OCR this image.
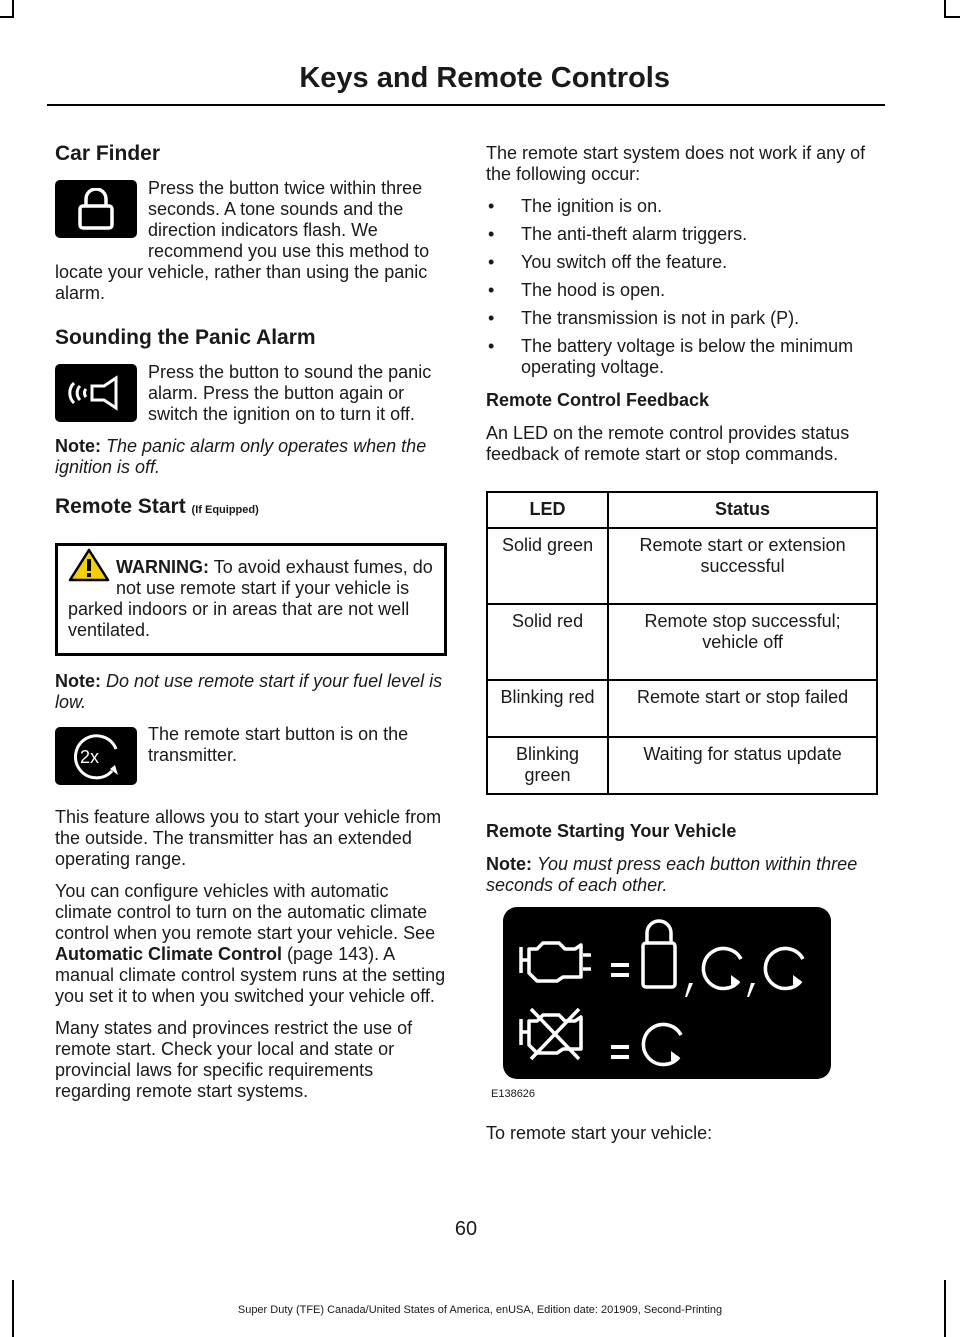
Keys and Remote Controls
Car Finder

Press the button twice within three seconds. A tone sounds and the direction indicators flash. We recommend you use this method to locate your vehicle, rather than using the panic alarm.

Sounding the Panic Alarm

Press the button to sound the panic alarm. Press the button again or switch the ignition on to turn it off.

Note: The panic alarm only operates when the ignition is off.

Remote Start (If Equipped)
WARNING: To avoid exhaust fumes, do not use remote start if your vehicle is parked indoors or in areas that are not well ventilated.

Note: Do not use remote start if your fuel level is low.

2x

The remote start button is on the transmitter.

This feature allows you to start your vehicle from the outside. The transmitter has an extended operating range.

You can configure vehicles with automatic climate control to turn on the automatic climate control when you remote start your vehicle. See Automatic Climate Control (page 143). A manual climate control system runs at the setting you set it to when you switched your vehicle off.

Many states and provinces restrict the use of remote start. Check your local and state or provincial laws for specific requirements regarding remote start systems.

The remote start system does not work if any of the following occur:

• The ignition is on.
• The anti-theft alarm triggers.
• You switch off the feature.
• The hood is open.
• The transmission is not in park (P).
• The battery voltage is below the minimum operating voltage.
Remote Control Feedback

An LED on the remote control provides status feedback of remote start or stop commands.

LED	Status
Solid green	Remote start or extension successful
Solid red	Remote stop successful; vehicle off
Blinking red	Remote start or stop failed
Blinking green	Waiting for status update
Remote Starting Your Vehicle

Note: You must press each button within three seconds of each other.

E138626

To remote start your vehicle:

60
Super Duty (TFE) Canada/United States of America, enUSA, Edition date: 201909, Second-Printing
